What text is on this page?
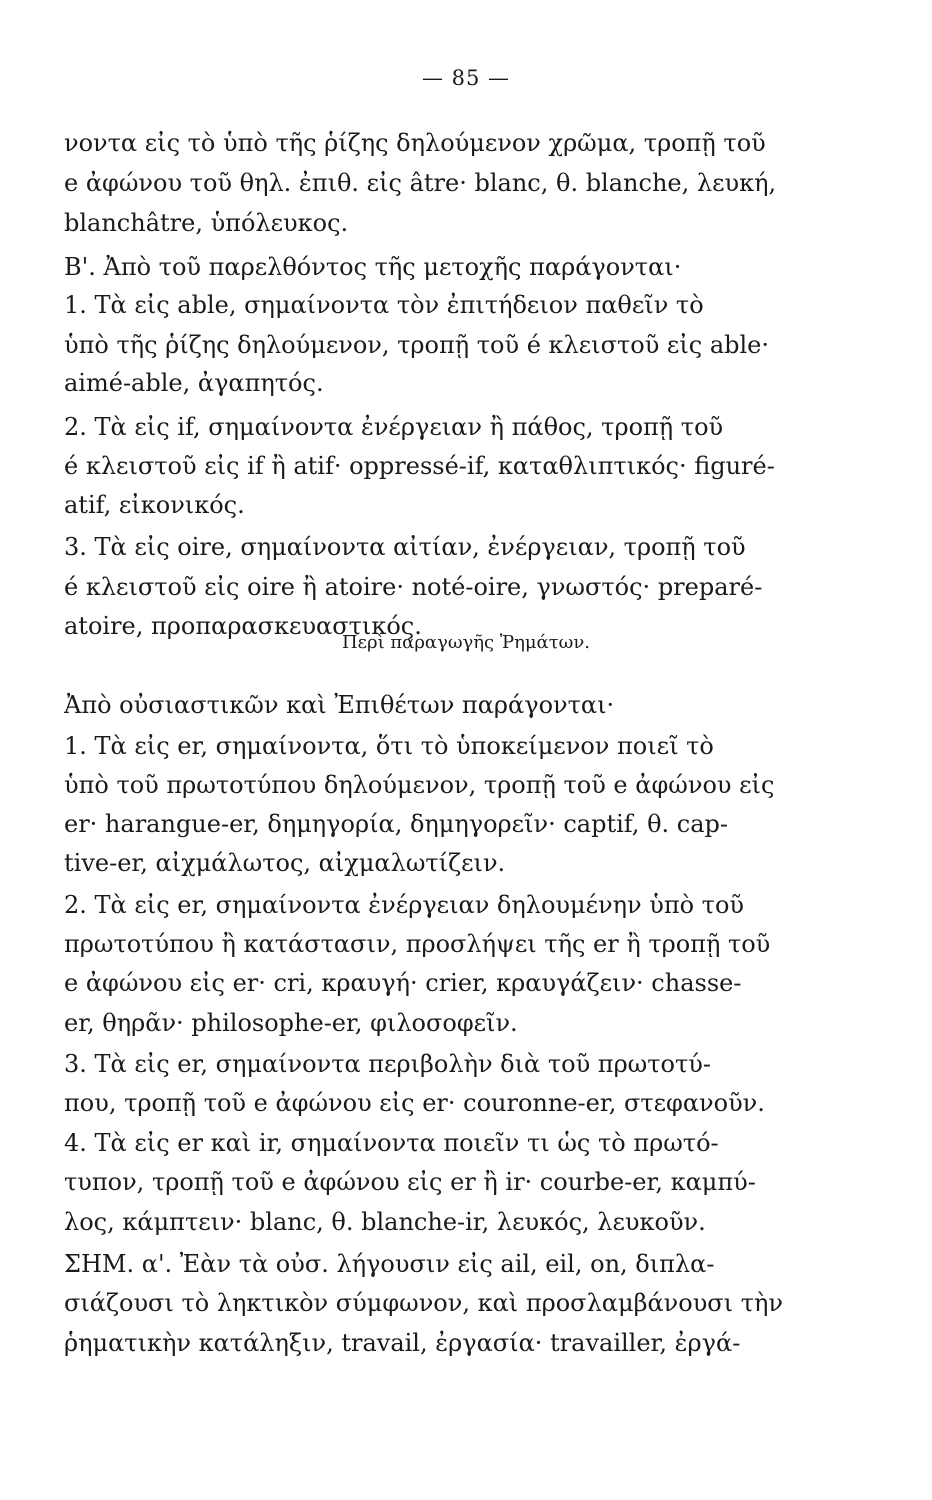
— 85 —
νοντα εἰς τὸ ὑπὸ τῆς ῥίζης δηλούμενον χρῶμα, τροπῇ τοῦ
e ἀφώνου τοῦ θηλ. ἐπιθ. εἰς âtre· blanc, θ. blanche, λευκή,
blanchâtre, ὑπόλευκος.
Β'. Ἀπὸ τοῦ παρελθόντος τῆς μετοχῆς παράγονται·
1. Τὰ εἰς able, σημαίνοντα τὸν ἐπιτήδειον παθεῖν τὸ
ὑπὸ τῆς ῥίζης δηλούμενον, τροπῇ τοῦ é κλειστοῦ εἰς able·
aimé-able, ἀγαπητός.
2. Τὰ εἰς if, σημαίνοντα ἐνέργειαν ἢ πάθος, τροπῇ τοῦ
é κλειστοῦ εἰς if ἢ atif· oppressé-if, καταθλιπτικός· figuré-
atif, εἰκονικός.
3. Τὰ εἰς oire, σημαίνοντα αἰτίαν, ἐνέργειαν, τροπῇ τοῦ
é κλειστοῦ εἰς oire ἢ atoire· noté-oire, γνωστός· preparé-
atoire, προπαρασκευαστικός.
Περὶ παραγωγῆς Ῥημάτων.
Ἀπὸ οὐσιαστικῶν καὶ Ἐπιθέτων παράγονται·
1. Τὰ εἰς er, σημαίνοντα, ὅτι τὸ ὑποκείμενον ποιεῖ τὸ
ὑπὸ τοῦ πρωτοτύπου δηλούμενον, τροπῇ τοῦ e ἀφώνου εἰς
er· harangue-er, δημηγορία, δημηγορεῖν· captif, θ. cap-
tive-er, αἰχμάλωτος, αἰχμαλωτίζειν.
2. Τὰ εἰς er, σημαίνοντα ἐνέργειαν δηλουμένην ὑπὸ τοῦ
πρωτοτύπου ἢ κατάστασιν, προσλήψει τῆς er ἢ τροπῇ τοῦ
e ἀφώνου εἰς er· cri, κραυγή· crier, κραυγάζειν· chasse-
er, θηρᾶν· philosophe-er, φιλοσοφεῖν.
3. Τὰ εἰς er, σημαίνοντα περιβολὴν διὰ τοῦ πρωτοτύ-
που, τροπῇ τοῦ e ἀφώνου εἰς er· couronne-er, στεφανοῦν.
4. Τὰ εἰς er καὶ ir, σημαίνοντα ποιεῖν τι ὡς τὸ πρωτό-
τυπον, τροπῇ τοῦ e ἀφώνου εἰς er ἢ ir· courbe-er, καμπύ-
λος, κάμπτειν· blanc, θ. blanche-ir, λευκός, λευκοῦν.
ΣΗΜ. α'. Ἐὰν τὰ οὐσ. λήγουσιν εἰς ail, eil, on, διπλα-
σιάζουσι τὸ ληκτικὸν σύμφωνον, καὶ προσλαμβάνουσι τὴν
ῥηματικὴν κατάληξιν, travail, ἐργασία· travailler, ἐργά-
